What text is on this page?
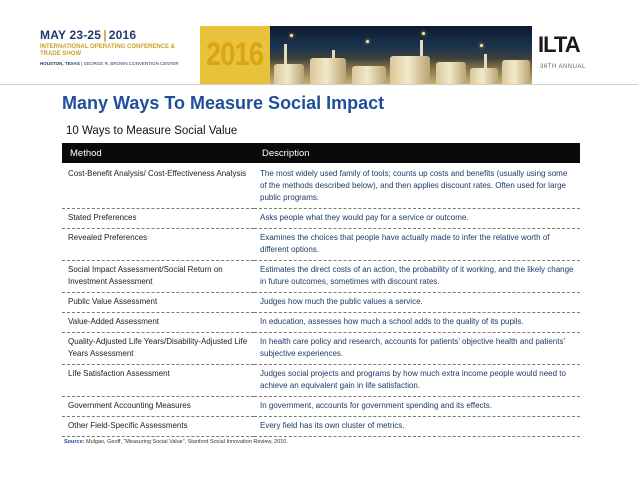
MAY 23-25 | 2016
INTERNATIONAL OPERATING CONFERENCE & TRADE SHOW
HOUSTON, TEXAS | GEORGE R. BROWN CONVENTION CENTER 2016	ILTA
36TH ANNUAL
Many Ways To Measure Social Impact
10 Ways to Measure Social Value
Method	Description
Cost-Benefit Analysis/ Cost-Effectiveness Analysis	The most widely used family of tools; counts up costs and benefits (usually using some of the methods described below), and then applies discount rates. Often used for large public programs.
Stated Preferences	Asks people what they would pay for a service or outcome.
Revealed Preferences	Examines the choices that people have actually made to infer the relative worth of different options.
Social Impact Assessment/Social Return on Investment Assessment	Estimates the direct costs of an action, the probability of it working, and the likely change in future outcomes, sometimes with discount rates.
Public Value Assessment	Judges how much the public values a service.
Value-Added Assessment	In education, assesses how much a school adds to the quality of its pupils.
Quality-Adjusted Life Years/Disability-Adjusted Life Years Assessment	In health care policy and research, accounts for patients’ objective health and patients’ subjective experiences.
Life Satisfaction Assessment	Judges social projects and programs by how much extra income people would need to achieve an equivalent gain in life satisfaction.
Government Accounting Measures	In government, accounts for government spending and its effects.
Other Field-Specific Assessments	Every field has its own cluster of metrics.
Source: Mulgan, Geoff, “Measuring Social Value”, Stanford Social Innovation Review, 2010.
